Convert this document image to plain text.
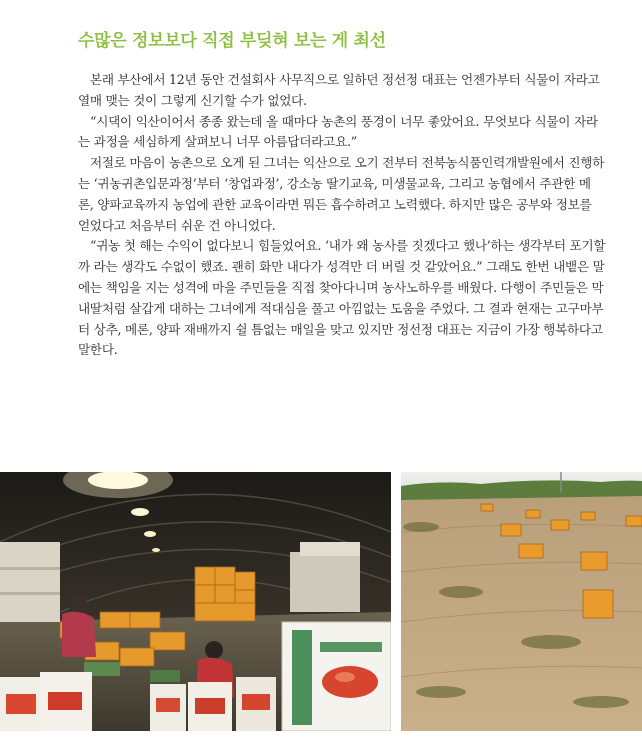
수많은 정보보다 직접 부딪혀 보는 게 최선

본래 부산에서 12년 동안 건설회사 사무직으로 일하던 정선정 대표는 언젠가부터 식물이 자라고 열매 맺는 것이 그렇게 신기할 수가 없었다.

“시댁이 익산이어서 종종 왔는데 올 때마다 농촌의 풍경이 너무 좋았어요. 무엇보다 식물이 자라는 과정을 세심하게 살펴보니 너무 아름답더라고요.”

저절로 마음이 농촌으로 오게 된 그녀는 익산으로 오기 전부터 전북농식품인력개발원에서 진행하는 ‘귀농귀촌입문과정’부터 ‘창업과정’, 강소농 딸기교육, 미생물교육, 그리고 농협에서 주관한 메론, 양파교육까지 농업에 관한 교육이라면 뭐든 흡수하려고 노력했다. 하지만 많은 공부와 정보를 얻었다고 처음부터 쉬운 건 아니었다.

“귀농 첫 해는 수익이 없다보니 힘들었어요. ‘내가 왜 농사를 짓겠다고 했나’하는 생각부터 포기할까 라는 생각도 수없이 했죠. 괜히 화만 내다가 성격만 더 버릴 것 같았어요.” 그래도 한번 내뱉은 말에는 책임을 지는 성격에 마을 주민들을 직접 찾아다니며 농사노하우를 배웠다. 다행이 주민들은 막내딸처럼 살갑게 대하는 그녀에게 적대심을 풀고 아낌없는 도움을 주었다. 그 결과 현재는 고구마부터 상추, 메론, 양파 재배까지 쉴 틈없는 매일을 맞고 있지만 정선정 대표는 지금이 가장 행복하다고 말한다.
